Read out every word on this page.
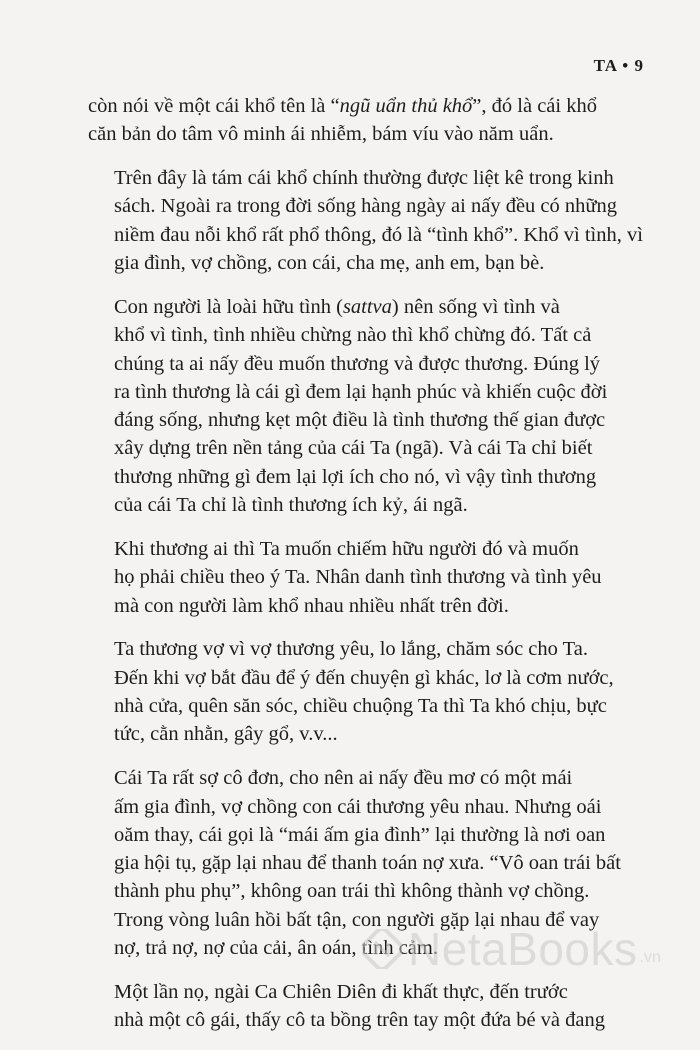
TA • 9

còn nói về một cái khổ tên là “ngũ uẩn thủ khổ”, đó là cái khổ
căn bản do tâm vô minh ái nhiễm, bám víu vào năm uẩn.

Trên đây là tám cái khổ chính thường được liệt kê trong kinh
sách. Ngoài ra trong đời sống hàng ngày ai nấy đều có những
niềm đau nỗi khổ rất phổ thông, đó là “tình khổ”. Khổ vì tình, vì
gia đình, vợ chồng, con cái, cha mẹ, anh em, bạn bè.

Con người là loài hữu tình (sattva) nên sống vì tình và
khổ vì tình, tình nhiều chừng nào thì khổ chừng đó. Tất cả
chúng ta ai nấy đều muốn thương và được thương. Đúng lý
ra tình thương là cái gì đem lại hạnh phúc và khiến cuộc đời
đáng sống, nhưng kẹt một điều là tình thương thế gian được
xây dựng trên nền tảng của cái Ta (ngã). Và cái Ta chỉ biết
thương những gì đem lại lợi ích cho nó, vì vậy tình thương
của cái Ta chỉ là tình thương ích kỷ, ái ngã.

Khi thương ai thì Ta muốn chiếm hữu người đó và muốn
họ phải chiều theo ý Ta. Nhân danh tình thương và tình yêu
mà con người làm khổ nhau nhiều nhất trên đời.

Ta thương vợ vì vợ thương yêu, lo lắng, chăm sóc cho Ta.
Đến khi vợ bắt đầu để ý đến chuyện gì khác, lơ là cơm nước,
nhà cửa, quên săn sóc, chiều chuộng Ta thì Ta khó chịu, bực
tức, cằn nhằn, gây gổ, v.v...

Cái Ta rất sợ cô đơn, cho nên ai nấy đều mơ có một mái
ấm gia đình, vợ chồng con cái thương yêu nhau. Nhưng oái
oăm thay, cái gọi là “mái ấm gia đình” lại thường là nơi oan
gia hội tụ, gặp lại nhau để thanh toán nợ xưa. “Vô oan trái bất
thành phu phụ”, không oan trái thì không thành vợ chồng.
Trong vòng luân hồi bất tận, con người gặp lại nhau để vay
nợ, trả nợ, nợ của cải, ân oán, tình cảm.

Một lần nọ, ngài Ca Chiên Diên đi khất thực, đến trước
nhà một cô gái, thấy cô ta bồng trên tay một đứa bé và đang

NetaBooks .vn
